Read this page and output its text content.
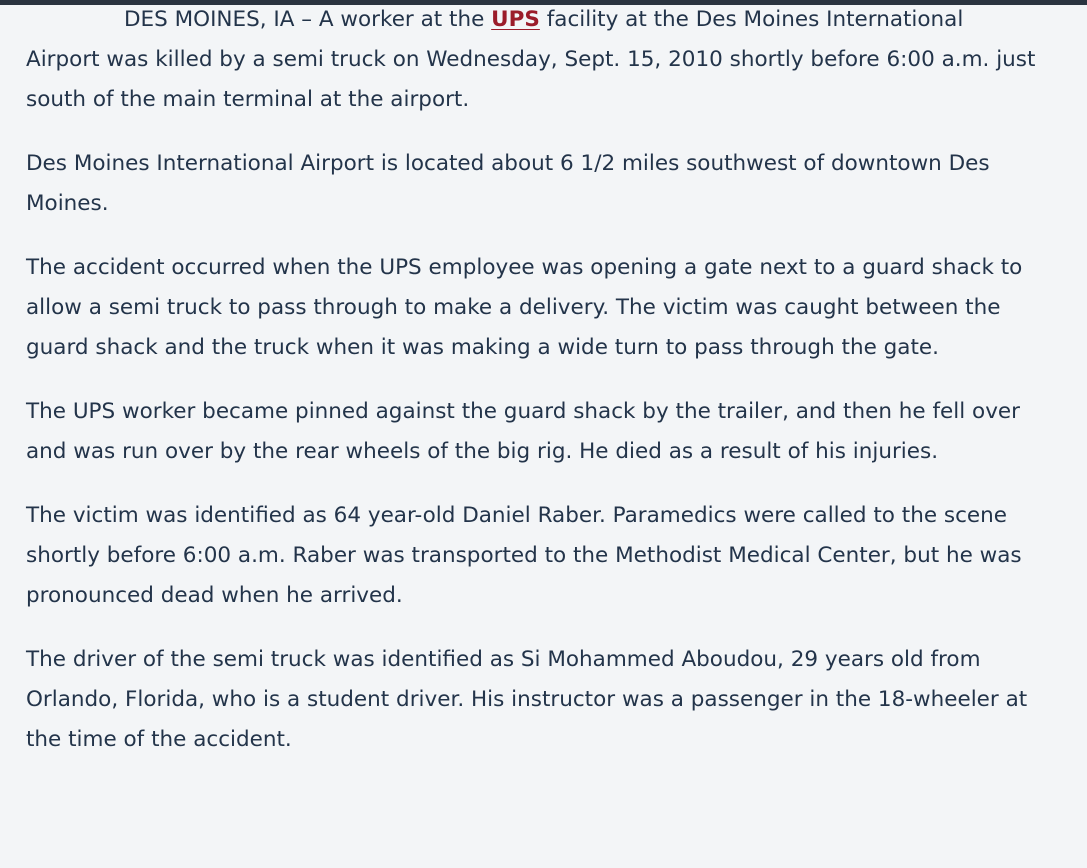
DES MOINES, IA – A worker at the UPS facility at the Des Moines International Airport was killed by a semi truck on Wednesday, Sept. 15, 2010 shortly before 6:00 a.m. just south of the main terminal at the airport.

Des Moines International Airport is located about 6 1/2 miles southwest of downtown Des Moines.

The accident occurred when the UPS employee was opening a gate next to a guard shack to allow a semi truck to pass through to make a delivery. The victim was caught between the guard shack and the truck when it was making a wide turn to pass through the gate.

The UPS worker became pinned against the guard shack by the trailer, and then he fell over and was run over by the rear wheels of the big rig. He died as a result of his injuries.

The victim was identified as 64 year-old Daniel Raber. Paramedics were called to the scene shortly before 6:00 a.m. Raber was transported to the Methodist Medical Center, but he was pronounced dead when he arrived.

The driver of the semi truck was identified as Si Mohammed Aboudou, 29 years old from Orlando, Florida, who is a student driver. His instructor was a passenger in the 18-wheeler at the time of the accident.
